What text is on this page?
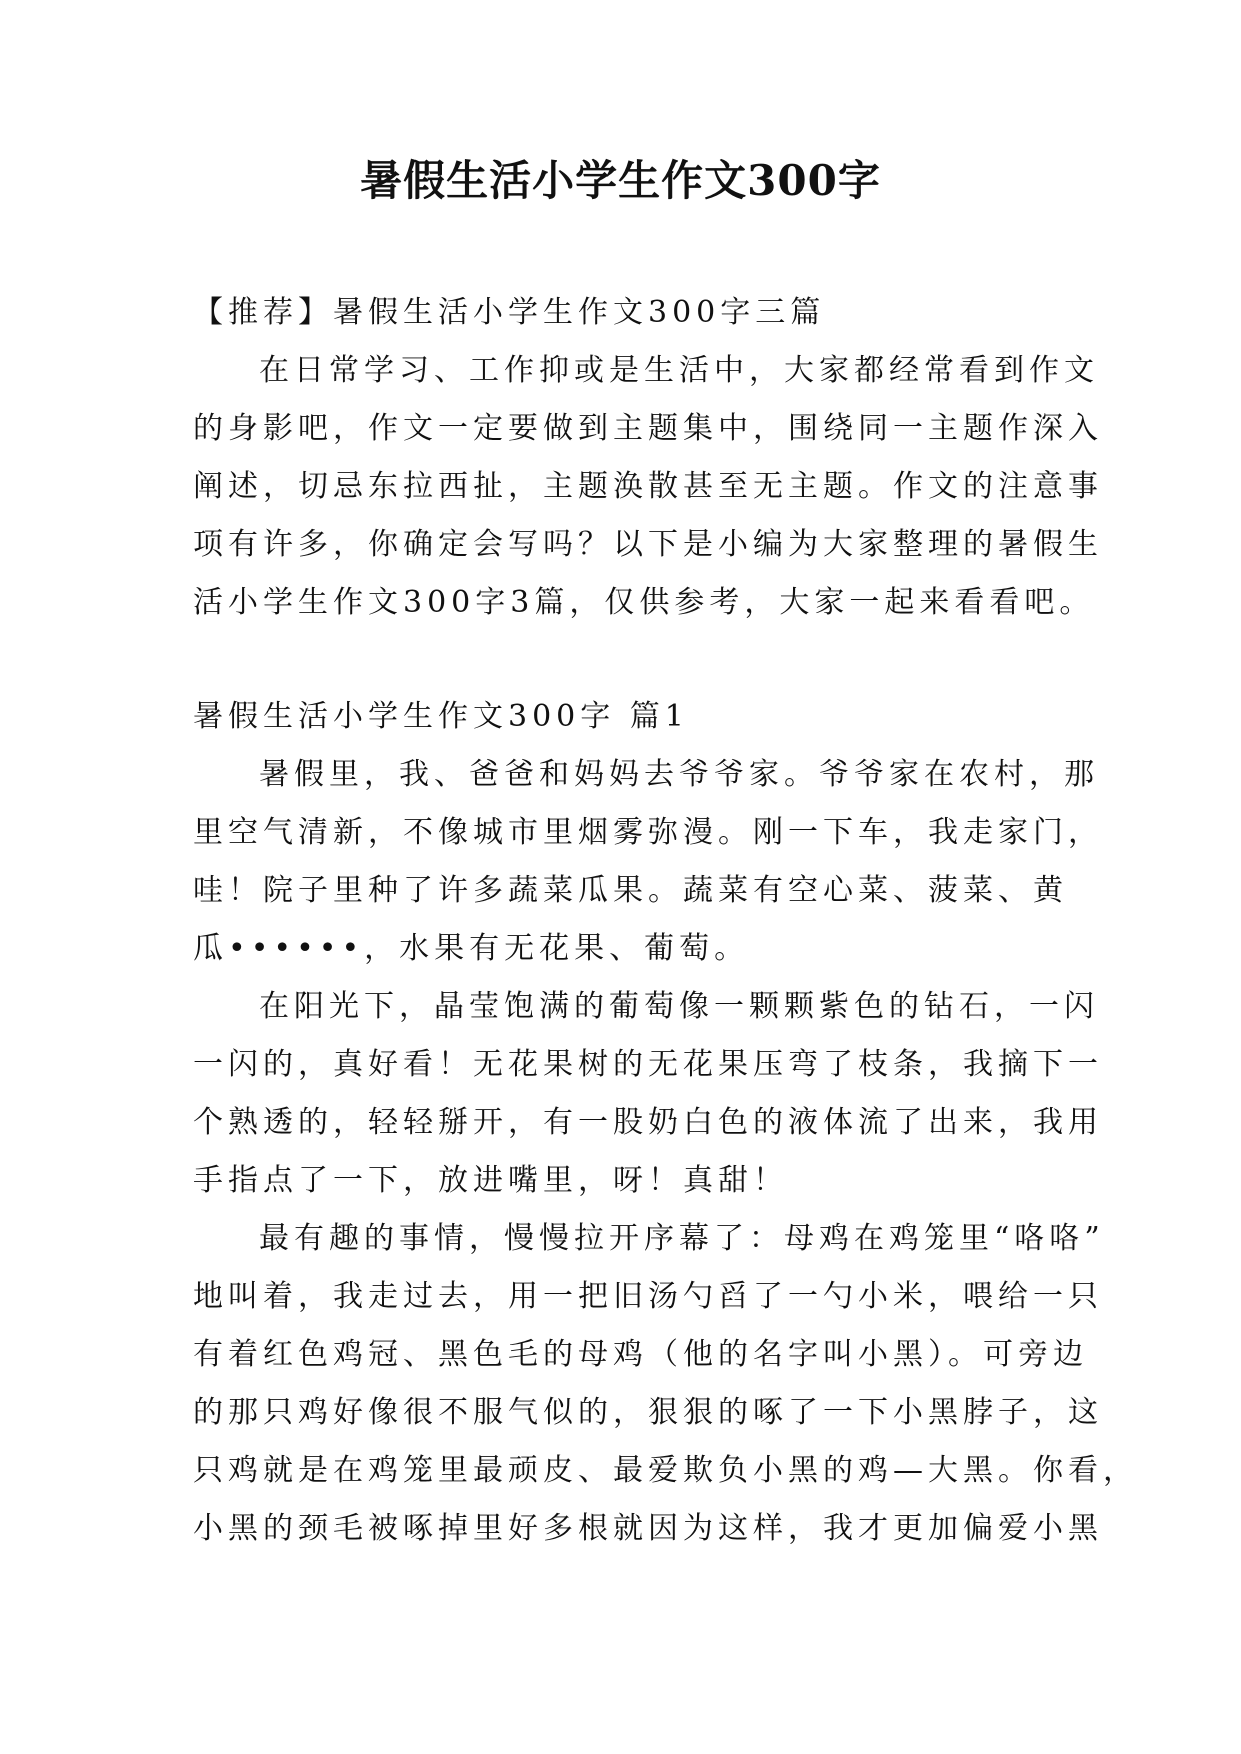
暑假生活小学生作文300字
【推荐】暑假生活小学生作文300字三篇
在日常学习、工作抑或是生活中，大家都经常看到作文
的身影吧，作文一定要做到主题集中，围绕同一主题作深入
阐述，切忌东拉西扯，主题涣散甚至无主题。作文的注意事
项有许多，你确定会写吗？以下是小编为大家整理的暑假生
活小学生作文300字3篇，仅供参考，大家一起来看看吧。
暑假生活小学生作文300字 篇1
暑假里，我、爸爸和妈妈去爷爷家。爷爷家在农村，那
里空气清新，不像城市里烟雾弥漫。刚一下车，我走家门，
哇！院子里种了许多蔬菜瓜果。蔬菜有空心菜、菠菜、黄
瓜••••••，水果有无花果、葡萄。
在阳光下，晶莹饱满的葡萄像一颗颗紫色的钻石，一闪
一闪的，真好看！无花果树的无花果压弯了枝条，我摘下一
个熟透的，轻轻掰开，有一股奶白色的液体流了出来，我用
手指点了一下，放进嘴里，呀！真甜！
最有趣的事情，慢慢拉开序幕了：母鸡在鸡笼里“咯咯”
地叫着，我走过去，用一把旧汤勺舀了一勺小米，喂给一只
有着红色鸡冠、黑色毛的母鸡（他的名字叫小黑）。可旁边
的那只鸡好像很不服气似的，狠狠的啄了一下小黑脖子，这
只鸡就是在鸡笼里最顽皮、最爱欺负小黑的鸡—大黑。你看，
小黑的颈毛被啄掉里好多根就因为这样，我才更加偏爱小黑
